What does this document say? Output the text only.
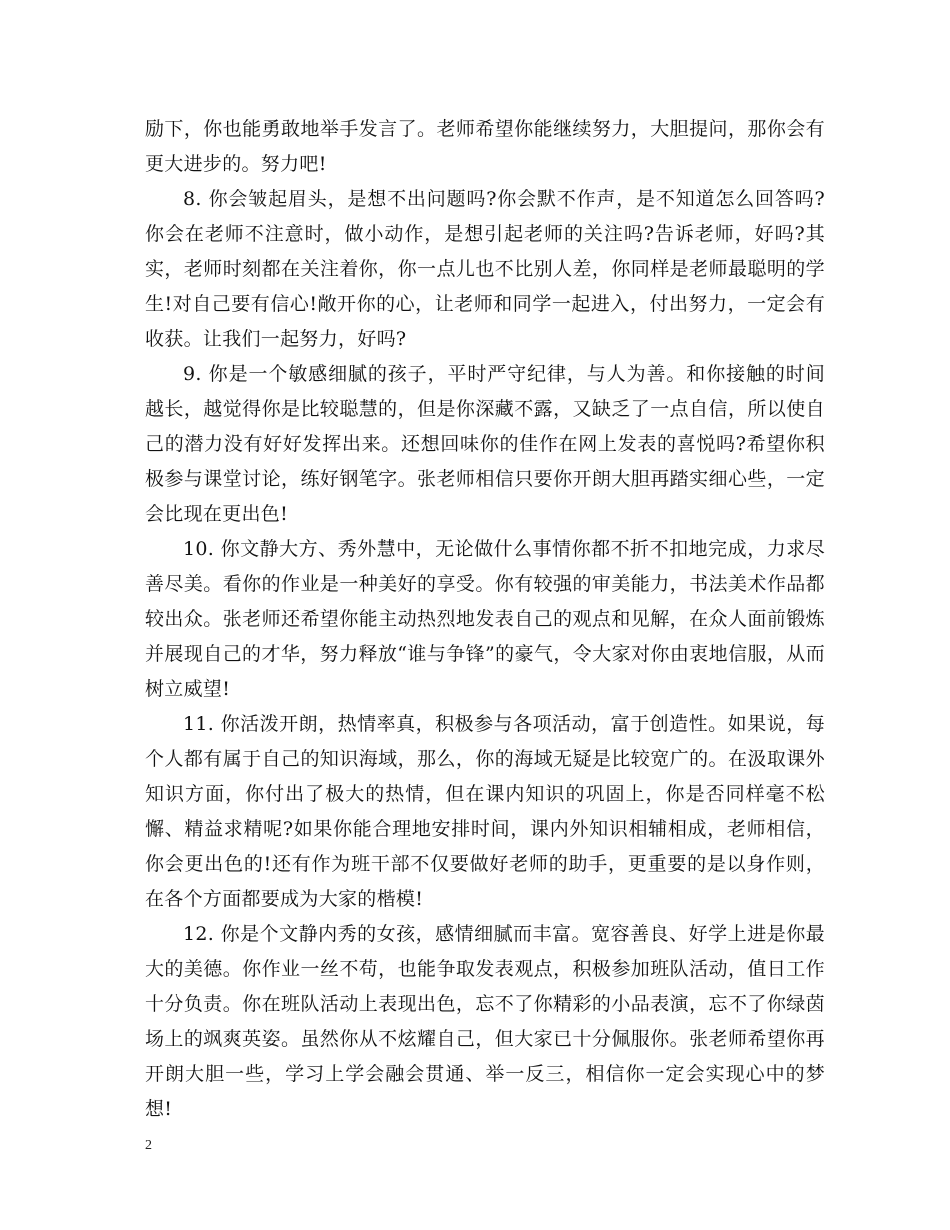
励下，你也能勇敢地举手发言了。老师希望你能继续努力，大胆提问，那你会有更大进步的。努力吧!

8. 你会皱起眉头，是想不出问题吗?你会默不作声，是不知道怎么回答吗?你会在老师不注意时，做小动作，是想引起老师的关注吗?告诉老师，好吗?其实，老师时刻都在关注着你，你一点儿也不比别人差，你同样是老师最聪明的学生!对自己要有信心!敞开你的心，让老师和同学一起进入，付出努力，一定会有收获。让我们一起努力，好吗?

9. 你是一个敏感细腻的孩子，平时严守纪律，与人为善。和你接触的时间越长，越觉得你是比较聪慧的，但是你深藏不露，又缺乏了一点自信，所以使自己的潜力没有好好发挥出来。还想回味你的佳作在网上发表的喜悦吗?希望你积极参与课堂讨论，练好钢笔字。张老师相信只要你开朗大胆再踏实细心些，一定会比现在更出色!

10. 你文静大方、秀外慧中，无论做什么事情你都不折不扣地完成，力求尽善尽美。看你的作业是一种美好的享受。你有较强的审美能力，书法美术作品都较出众。张老师还希望你能主动热烈地发表自己的观点和见解，在众人面前锻炼并展现自己的才华，努力释放“谁与争锋”的豪气，令大家对你由衷地信服，从而树立威望!

11. 你活泼开朗，热情率真，积极参与各项活动，富于创造性。如果说，每个人都有属于自己的知识海域，那么，你的海域无疑是比较宽广的。在汲取课外知识方面，你付出了极大的热情，但在课内知识的巩固上，你是否同样毫不松懈、精益求精呢?如果你能合理地安排时间，课内外知识相辅相成，老师相信，你会更出色的!还有作为班干部不仅要做好老师的助手，更重要的是以身作则，在各个方面都要成为大家的楷模!

12. 你是个文静内秀的女孩，感情细腻而丰富。宽容善良、好学上进是你最大的美德。你作业一丝不苟，也能争取发表观点，积极参加班队活动，值日工作十分负责。你在班队活动上表现出色，忘不了你精彩的小品表演，忘不了你绿茵场上的飒爽英姿。虽然你从不炫耀自己，但大家已十分佩服你。张老师希望你再开朗大胆一些，学习上学会融会贯通、举一反三，相信你一定会实现心中的梦想!

2
